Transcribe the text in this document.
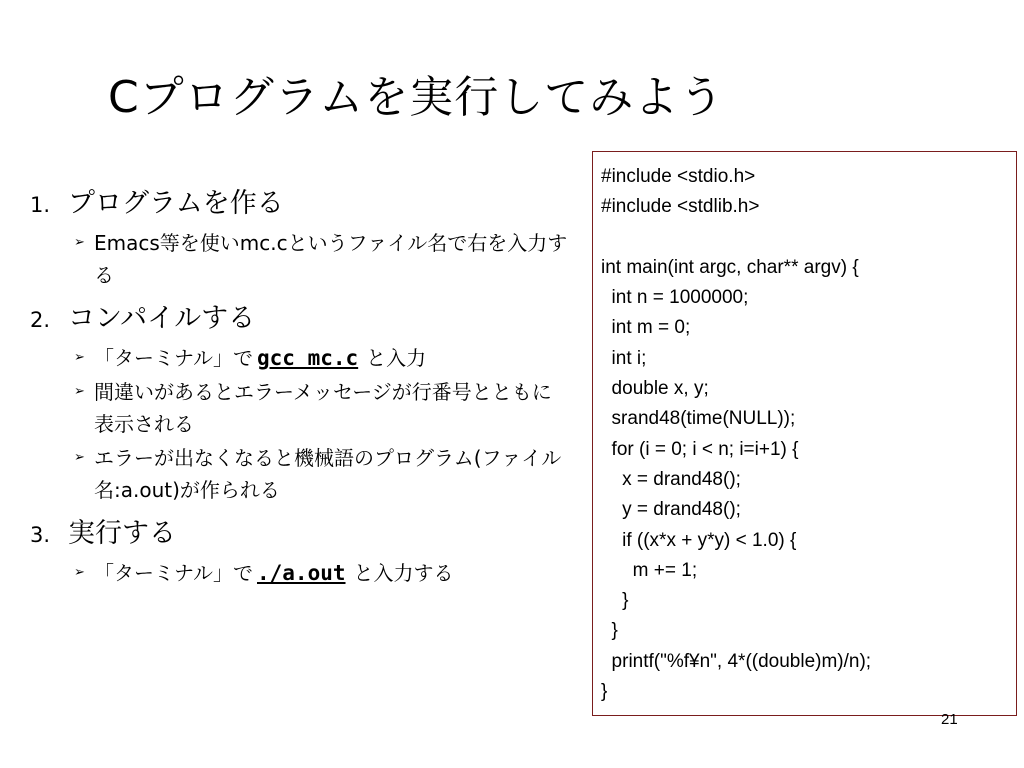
Cプログラムを実行してみよう
1. プログラムを作る
➢ Emacs等を使いmc.cというファイル名で右を入力する
2. コンパイルする
➢ 「ターミナル」で gcc mc.c と入力
➢ 間違いがあるとエラーメッセージが行番号とともに表示される
➢ エラーが出なくなると機械語のプログラム(ファイル名:a.out)が作られる
3. 実行する
➢ 「ターミナル」で ./a.out と入力する
#include <stdio.h>
#include <stdlib.h>
int main(int argc, char** argv) {
int n = 1000000;
int m = 0;
int i;
double x, y;
srand48(time(NULL));
for (i = 0; i < n; i=i+1) {
x = drand48();
y = drand48();
if ((x*x + y*y) < 1.0) {
m += 1;
}
}
printf("%f¥n", 4*((double)m)/n);
}
21
